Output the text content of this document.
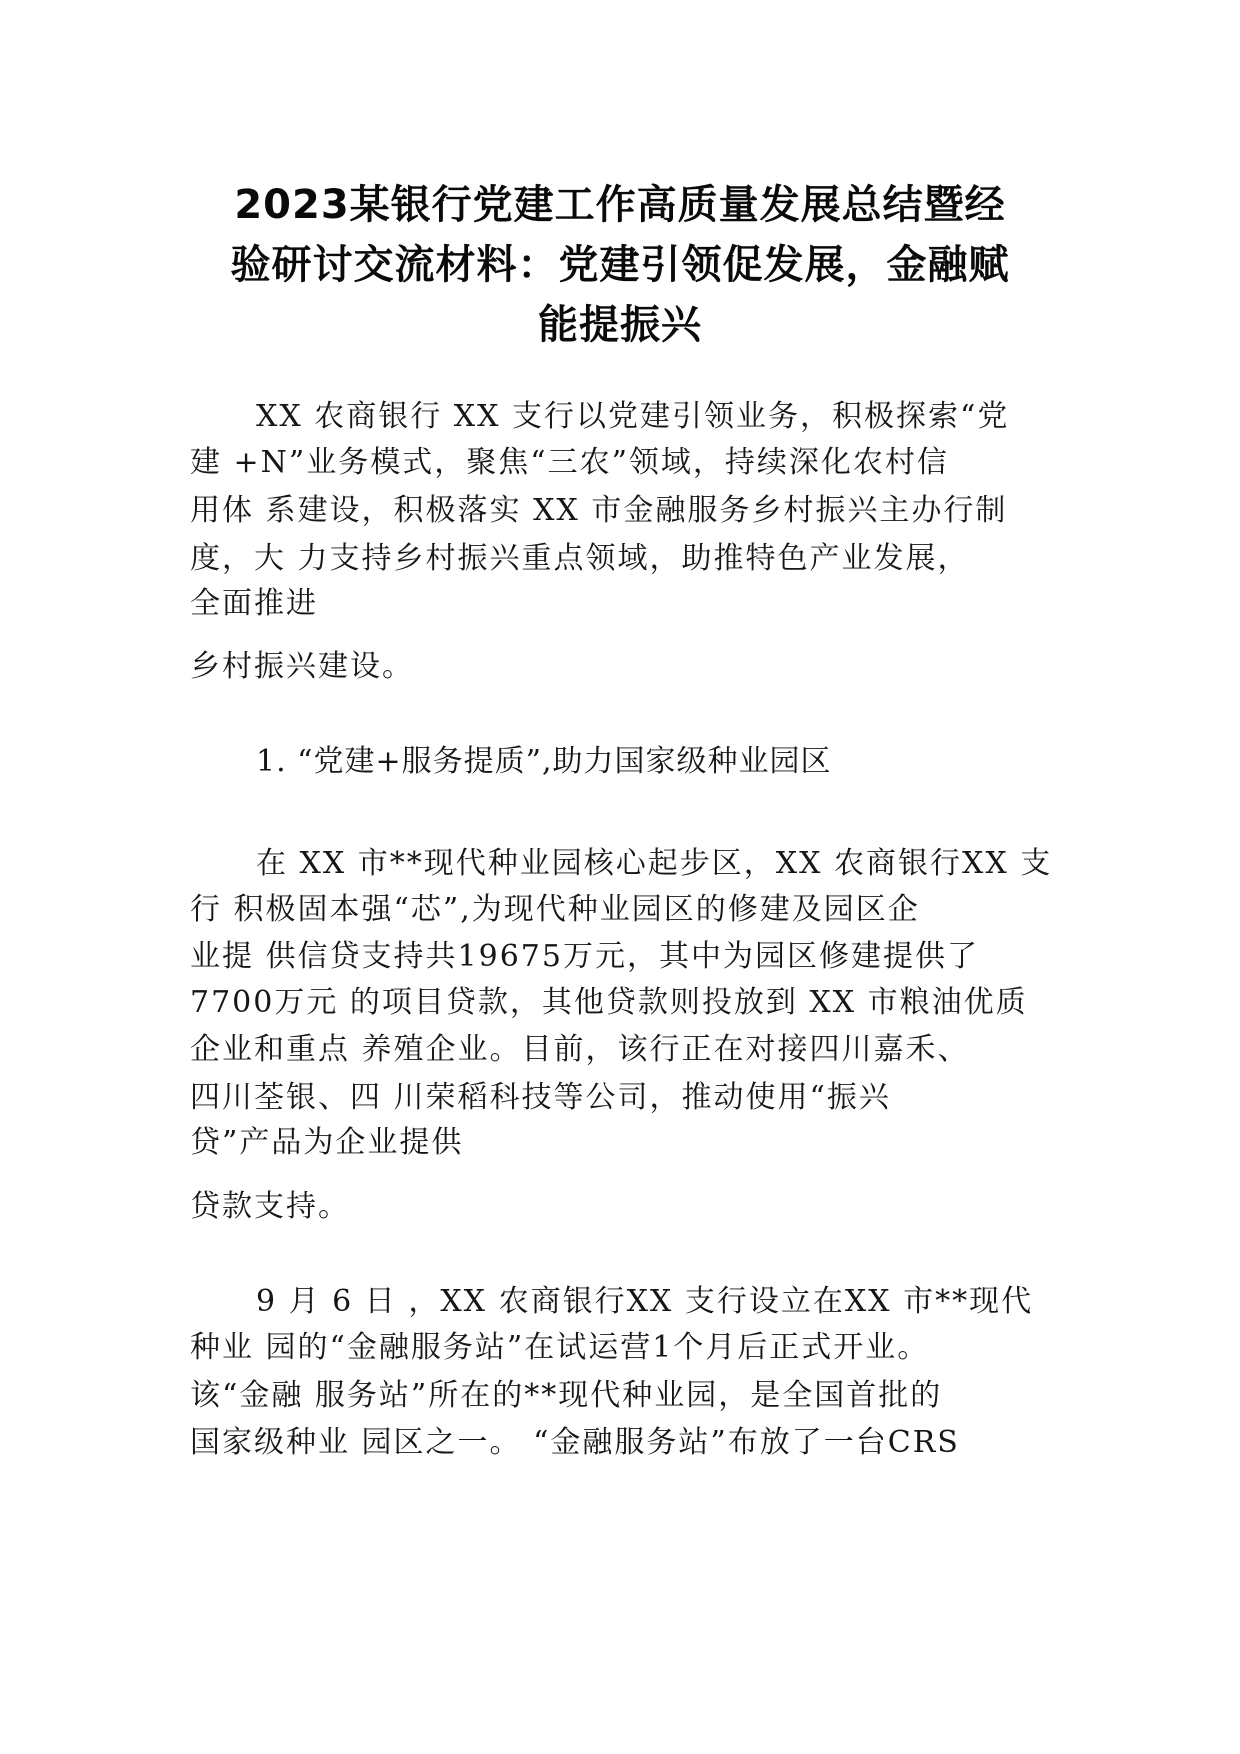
2023某银行党建工作高质量发展总结暨经
验研讨交流材料：党建引领促发展，金融赋
能提振兴

XX 农商银行 XX 支行以党建引领业务，积极探索“党

建 +N”业务模式，聚焦“三农”领域，持续深化农村信

用体 系建设，积极落实 XX 市金融服务乡村振兴主办行制

度，大 力支持乡村振兴重点领域，助推特色产业发展，

全面推进

乡村振兴建设。

1. “党建+服务提质”,助力国家级种业园区

在 XX 市**现代种业园核心起步区，XX 农商银行XX 支

行 积极固本强“芯”,为现代种业园区的修建及园区企

业提 供信贷支持共19675万元，其中为园区修建提供了

7700万元 的项目贷款，其他贷款则投放到 XX 市粮油优质

企业和重点 养殖企业。目前，该行正在对接四川嘉禾、

四川荃银、四 川荣稻科技等公司，推动使用“振兴

贷”产品为企业提供

贷款支持。

9 月 6 日 ，XX 农商银行XX 支行设立在XX 市**现代

种业 园的“金融服务站”在试运营1个月后正式开业。

该“金融 服务站”所在的**现代种业园，是全国首批的

国家级种业 园区之一。 “金融服务站”布放了一台CRS
